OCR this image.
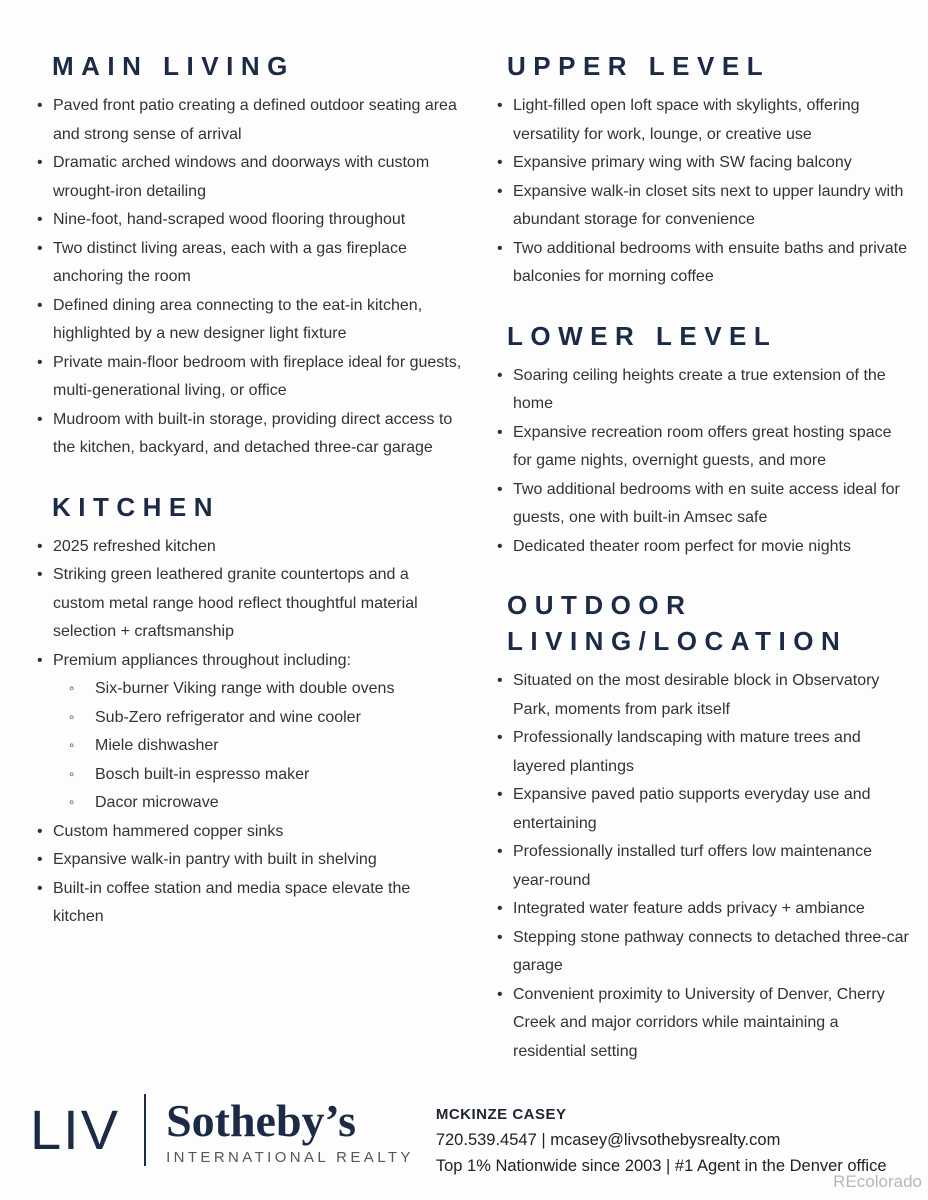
MAIN LIVING
• Paved front patio creating a defined outdoor seating area and strong sense of arrival
• Dramatic arched windows and doorways with custom wrought-iron detailing
• Nine-foot, hand-scraped wood flooring throughout
• Two distinct living areas, each with a gas fireplace anchoring the room
• Defined dining area connecting to the eat-in kitchen, highlighted by a new designer light fixture
• Private main-floor bedroom with fireplace ideal for guests, multi-generational living, or office
• Mudroom with built-in storage, providing direct access to the kitchen, backyard, and detached three-car garage
KITCHEN
• 2025 refreshed kitchen
• Striking green leathered granite countertops and a custom metal range hood reflect thoughtful material selection + craftsmanship
• Premium appliances throughout including:
◦ Six-burner Viking range with double ovens
◦ Sub-Zero refrigerator and wine cooler
◦ Miele dishwasher
◦ Bosch built-in espresso maker
◦ Dacor microwave
• Custom hammered copper sinks
• Expansive walk-in pantry with built in shelving
• Built-in coffee station and media space elevate the kitchen
UPPER LEVEL
• Light-filled open loft space with skylights, offering versatility for work, lounge, or creative use
• Expansive primary wing with SW facing balcony
• Expansive walk-in closet sits next to upper laundry with abundant storage for convenience
• Two additional bedrooms with ensuite baths and private balconies for morning coffee
LOWER LEVEL
• Soaring ceiling heights create a true extension of the home
• Expansive recreation room offers great hosting space for game nights, overnight guests, and more
• Two additional bedrooms with en suite access ideal for guests, one with built-in Amsec safe
• Dedicated theater room perfect for movie nights
OUTDOOR LIVING/LOCATION
• Situated on the most desirable block in Observatory Park, moments from park itself
• Professionally landscaping with mature trees and layered plantings
• Expansive paved patio supports everyday use and entertaining
• Professionally installed turf offers low maintenance year-round
• Integrated water feature adds privacy + ambiance
• Stepping stone pathway connects to detached three-car garage
• Convenient proximity to University of Denver, Cherry Creek and major corridors while maintaining a residential setting
LIV Sotheby’s
INTERNATIONAL REALTY
MCKINZE CASEY
720.539.4547 | mcasey@livsothebysrealty.com
Top 1% Nationwide since 2003 | #1 Agent in the Denver office
REcolorado
